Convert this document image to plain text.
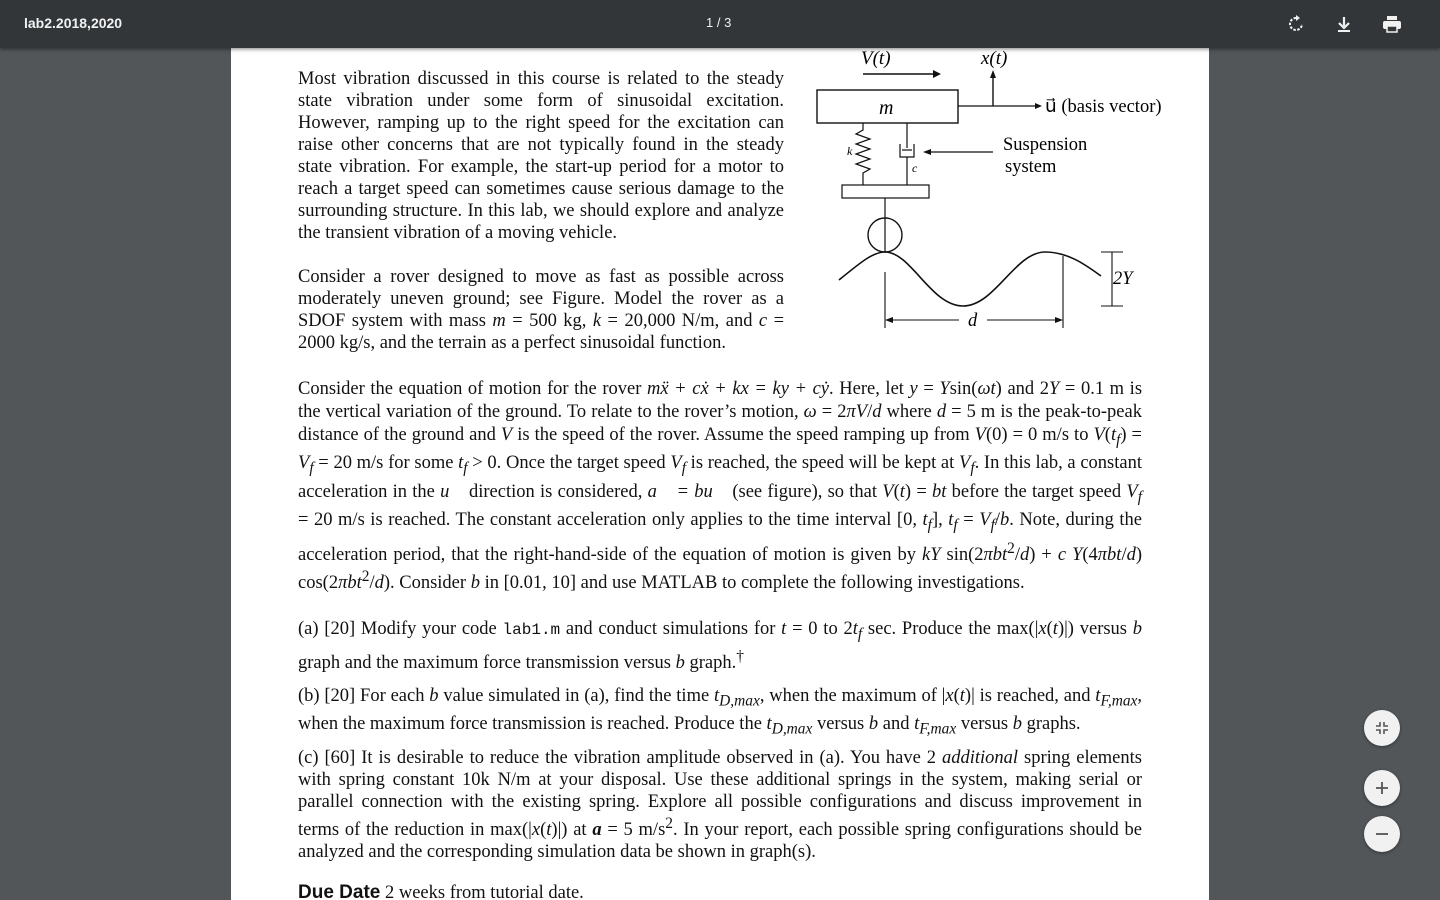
lab2.2018,2020	1 / 3
V(t)	x(t)
m	u⃗ (basis vector)
k
c
Suspension
system
2Y
d

Most vibration discussed in this course is related to the steady state vibration under some form of sinusoidal excitation. However, ramping up to the right speed for the excitation can raise other concerns that are not typically found in the steady state vibration. For example, the start-up period for a motor to reach a target speed can sometimes cause serious damage to the surrounding structure. In this lab, we should explore and analyze the transient vibration of a moving vehicle.

Consider a rover designed to move as fast as possible across moderately uneven ground; see Figure. Model the rover as a SDOF system with mass m = 500 kg, k = 20,000 N/m, and c = 2000 kg/s, and the terrain as a perfect sinusoidal function.

Consider the equation of motion for the rover mẍ + cẋ + kx = ky + cẏ. Here, let y = Ysin(ωt) and 2Y = 0.1 m is the vertical variation of the ground. To relate to the rover’s motion, ω = 2πV/d where d = 5 m is the peak-to-peak distance of the ground and V is the speed of the rover. Assume the speed ramping up from V(0) = 0 m/s to $V(t_f) = V_f = 20$ m/s for some $t_f > 0$. Once the target speed $V_f$ is reached, the speed will be kept at $V_f$. In this lab, a constant acceleration in the u⃗ direction is considered, a⃗ = bu⃗ (see figure), so that V(t) = bt before the target speed $V_f = 20$ m/s is reached. The constant acceleration only applies to the time interval [0, $t_f$], $t_f = V_f/b$. Note, during the acceleration period, that the right-hand-side of the equation of motion is given by kY sin(2πbt$^2$/d) + c Y(4πbt/d) cos(2πbt$^2$/d). Consider b in [0.01, 10] and use MATLAB to complete the following investigations.

(a) [20] Modify your code lab1.m and conduct simulations for t = 0 to $2t_f$ sec. Produce the max(|x(t)|) versus b graph and the maximum force transmission versus b graph.†

(b) [20] For each b value simulated in (a), find the time $t_{D,max}$, when the maximum of |x(t)| is reached, and $t_{F,max}$, when the maximum force transmission is reached. Produce the $t_{D,max}$ versus b and $t_{F,max}$ versus b graphs.

(c) [60] It is desirable to reduce the vibration amplitude observed in (a). You have 2 additional spring elements with spring constant 10k N/m at your disposal. Use these additional springs in the system, making serial or parallel connection with the existing spring. Explore all possible configurations and discuss improvement in terms of the reduction in max(|x(t)|) at a = 5 $m/s^2$. In your report, each possible spring configurations should be analyzed and the corresponding simulation data be shown in graph(s).

Due Date 2 weeks from tutorial date.
